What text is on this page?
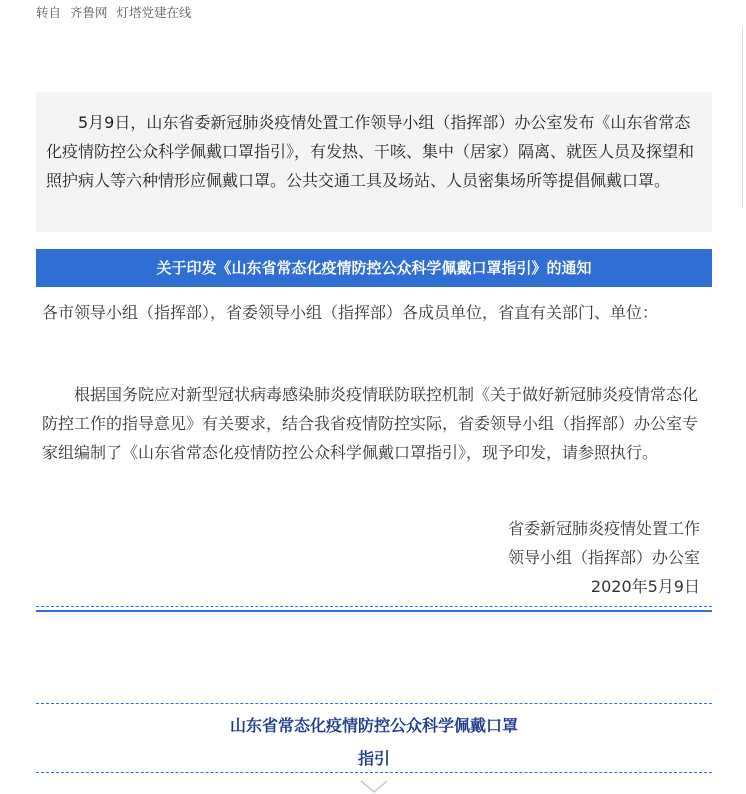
转自 齐鲁网 灯塔党建在线
5月9日，山东省委新冠肺炎疫情处置工作领导小组（指挥部）办公室发布《山东省常态化疫情防控公众科学佩戴口罩指引》，有发热、干咳、集中（居家）隔离、就医人员及探望和照护病人等六种情形应佩戴口罩。公共交通工具及场站、人员密集场所等提倡佩戴口罩。
关于印发《山东省常态化疫情防控公众科学佩戴口罩指引》的通知
各市领导小组（指挥部），省委领导小组（指挥部）各成员单位，省直有关部门、单位：
根据国务院应对新型冠状病毒感染肺炎疫情联防联控机制《关于做好新冠肺炎疫情常态化防控工作的指导意见》有关要求，结合我省疫情防控实际，省委领导小组（指挥部）办公室专家组编制了《山东省常态化疫情防控公众科学佩戴口罩指引》，现予印发，请参照执行。
省委新冠肺炎疫情处置工作
领导小组（指挥部）办公室
2020年5月9日
山东省常态化疫情防控公众科学佩戴口罩
指引
